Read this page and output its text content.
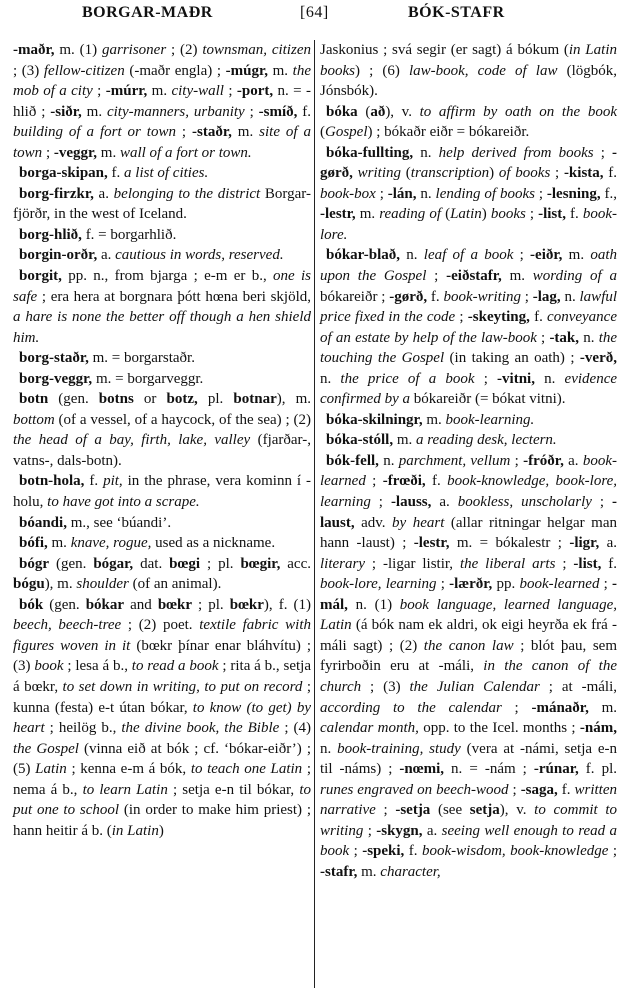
BORGAR-MAÐR	[64]	BÓK-STAFR

-maðr, m. (1) garrisoner ; (2) townsman, citizen ; (3) fellow-citizen (-maðr engla) ; -múgr, m. the mob of a city ; -múrr, m. city-wall ; -port, n. = -hlið ; -siðr, m. city-manners, urbanity ; -smíð, f. building of a fort or town ; -staðr, m. site of a town ; -veggr, m. wall of a fort or town.

borga-skipan, f. a list of cities.

borg-firzkr, a. belonging to the district Borgar-fjörðr, in the west of Iceland.

borg-hlið, f. = borgarhlið.

borgin-orðr, a. cautious in words, reserved.

borgit, pp. n., from bjarga ; e-m er b., one is safe ; era hera at borgnara þótt hœna beri skjöld, a hare is none the better off though a hen shield him.

borg-staðr, m. = borgarstaðr.

borg-veggr, m. = borgarveggr.

botn (gen. botns or botz, pl. botnar), m. bottom (of a vessel, of a haycock, of the sea) ; (2) the head of a bay, firth, lake, valley (fjarðar-, vatns-, dals-botn).

botn-hola, f. pit, in the phrase, vera kominn í -holu, to have got into a scrape.

bóandi, m., see ‘búandi’.

bófi, m. knave, rogue, used as a nickname.

bógr (gen. bógar, dat. bœgi ; pl. bœgir, acc. bógu), m. shoulder (of an animal).

bók (gen. bókar and bœkr ; pl. bœkr), f. (1) beech, beech-tree ; (2) poet. textile fabric with figures woven in it (bœkr þínar enar bláhvítu) ; (3) book ; lesa á b., to read a book ; rita á b., setja á bœkr, to set down in writing, to put on record ; kunna (festa) e-t útan bókar, to know (to get) by heart ; heilög b., the divine book, the Bible ; (4) the Gospel (vinna eið at bók ; cf. ‘bókar-eiðr’) ; (5) Latin ; kenna e-m á bók, to teach one Latin ; nema á b., to learn Latin ; setja e-n til bókar, to put one to school (in order to make him priest) ; hann heitir á b. (in Latin)

Jaskonius ; svá segir (er sagt) á bókum (in Latin books) ; (6) law-book, code of law (lögbók, Jónsbók).

bóka (að), v. to affirm by oath on the book (Gospel) ; bókaðr eiðr = bókareiðr.

bóka-fullting, n. help derived from books ; -gørð, writing (transcription) of books ; -kista, f. book-box ; -lán, n. lending of books ; -lesning, f., -lestr, m. reading of (Latin) books ; -list, f. book-lore.

bókar-blað, n. leaf of a book ; -eiðr, m. oath upon the Gospel ; -eiðstafr, m. wording of a bókareiðr ; -gørð, f. book-writing ; -lag, n. lawful price fixed in the code ; -skeyting, f. conveyance of an estate by help of the law-book ; -tak, n. the touching the Gospel (in taking an oath) ; -verð, n. the price of a book ; -vitni, n. evidence confirmed by a bókareiðr (= bókat vitni).

bóka-skilningr, m. book-learning.

bóka-stóll, m. a reading desk, lectern.

bók-fell, n. parchment, vellum ; -fróðr, a. book-learned ; -frœði, f. book-knowledge, book-lore, learning ; -lauss, a. bookless, unscholarly ; -laust, adv. by heart (allar ritningar helgar man hann -laust) ; -lestr, m. = bókalestr ; -ligr, a. literary ; -ligar listir, the liberal arts ; -list, f. book-lore, learning ; -lærðr, pp. book-learned ; -mál, n. (1) book language, learned language, Latin (á bók nam ek aldri, ok eigi heyrða ek frá -máli sagt) ; (2) the canon law ; blót þau, sem fyrirboðin eru at -máli, in the canon of the church ; (3) the Julian Calendar ; at -máli, according to the calendar ; -mánaðr, m. calendar month, opp. to the Icel. months ; -nám, n. book-training, study (vera at -námi, setja e-n til -náms) ; -nœmi, n. = -nám ; -rúnar, f. pl. runes engraved on beech-wood ; -saga, f. written narrative ; -setja (see setja), v. to commit to writing ; -skygn, a. seeing well enough to read a book ; -speki, f. book-wisdom, book-knowledge ; -stafr, m. character,
